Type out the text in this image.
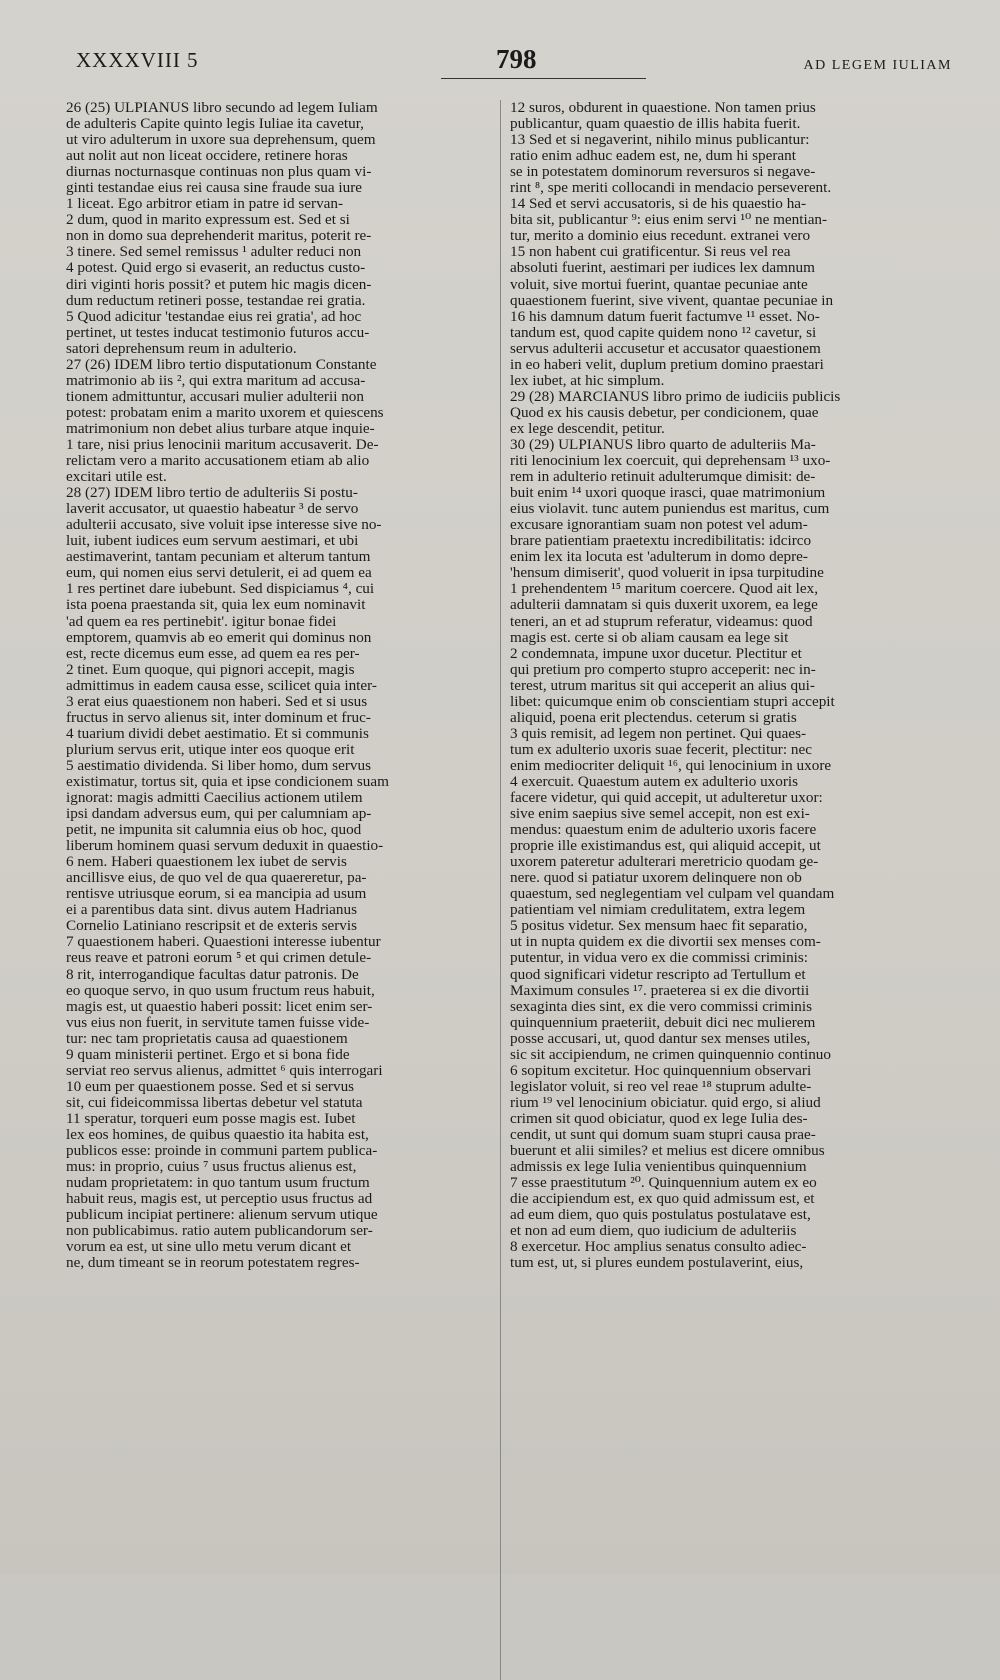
XXXXVIII 5	798	AD LEGEM IULIAM
26 (25) ULPIANUS libro secundo ad legem Iuliam
de adulteris Capite quinto legis Iuliae ita cavetur,
ut viro adulterum in uxore sua deprehensum, quem
aut nolit aut non liceat occidere, retinere horas
diurnas nocturnasque continuas non plus quam vi-
ginti testandae eius rei causa sine fraude sua iure
1 liceat. Ego arbitror etiam in patre id servan-
2 dum, quod in marito expressum est. Sed et si
non in domo sua deprehenderit maritus, poterit re-
3 tinere. Sed semel remissus ¹ adulter reduci non
4 potest. Quid ergo si evaserit, an reductus custo-
diri viginti horis possit? et putem hic magis dicen-
dum reductum retineri posse, testandae rei gratia.
5 Quod adicitur 'testandae eius rei gratia', ad hoc
pertinet, ut testes inducat testimonio futuros accu-
satori deprehensum reum in adulterio.
27 (26) IDEM libro tertio disputationum Constante
matrimonio ab iis ², qui extra maritum ad accusa-
tionem admittuntur, accusari mulier adulterii non
potest: probatam enim a marito uxorem et quiescens
matrimonium non debet alius turbare atque inquie-
1 tare, nisi prius lenocinii maritum accusaverit. De-
relictam vero a marito accusationem etiam ab alio
excitari utile est.
28 (27) IDEM libro tertio de adulteriis Si postu-
laverit accusator, ut quaestio habeatur ³ de servo
adulterii accusato, sive voluit ipse interesse sive no-
luit, iubent iudices eum servum aestimari, et ubi
aestimaverint, tantam pecuniam et alterum tantum
eum, qui nomen eius servi detulerit, ei ad quem ea
1 res pertinet dare iubebunt. Sed dispiciamus ⁴, cui
ista poena praestanda sit, quia lex eum nominavit
'ad quem ea res pertinebit'. igitur bonae fidei
emptorem, quamvis ab eo emerit qui dominus non
est, recte dicemus eum esse, ad quem ea res per-
2 tinet. Eum quoque, qui pignori accepit, magis
admittimus in eadem causa esse, scilicet quia inter-
3 erat eius quaestionem non haberi. Sed et si usus
fructus in servo alienus sit, inter dominum et fruc-
4 tuarium dividi debet aestimatio. Et si communis
plurium servus erit, utique inter eos quoque erit
5 aestimatio dividenda. Si liber homo, dum servus
existimatur, tortus sit, quia et ipse condicionem suam
ignorat: magis admitti Caecilius actionem utilem
ipsi dandam adversus eum, qui per calumniam ap-
petit, ne impunita sit calumnia eius ob hoc, quod
liberum hominem quasi servum deduxit in quaestio-
6 nem. Haberi quaestionem lex iubet de servis
ancillisve eius, de quo vel de qua quaereretur, pa-
rentisve utriusque eorum, si ea mancipia ad usum
ei a parentibus data sint. divus autem Hadrianus
Cornelio Latiniano rescripsit et de exteris servis
7 quaestionem haberi. Quaestioni interesse iubentur
reus reave et patroni eorum ⁵ et qui crimen detule-
8 rit, interrogandique facultas datur patronis. De
eo quoque servo, in quo usum fructum reus habuit,
magis est, ut quaestio haberi possit: licet enim ser-
vus eius non fuerit, in servitute tamen fuisse vide-
tur: nec tam proprietatis causa ad quaestionem
9 quam ministerii pertinet. Ergo et si bona fide
serviat reo servus alienus, admittet ⁶ quis interrogari
10 eum per quaestionem posse. Sed et si servus
sit, cui fideicommissa libertas debetur vel statuta
11 speratur, torqueri eum posse magis est. Iubet
lex eos homines, de quibus quaestio ita habita est,
publicos esse: proinde in communi partem publica-
mus: in proprio, cuius ⁷ usus fructus alienus est,
nudam proprietatem: in quo tantum usum fructum
habuit reus, magis est, ut perceptio usus fructus ad
publicum incipiat pertinere: alienum servum utique
non publicabimus. ratio autem publicandorum ser-
vorum ea est, ut sine ullo metu verum dicant et
ne, dum timeant se in reorum potestatem regres-
12 suros, obdurent in quaestione. Non tamen prius
publicantur, quam quaestio de illis habita fuerit.
13 Sed et si negaverint, nihilo minus publicantur:
ratio enim adhuc eadem est, ne, dum hi sperant
se in potestatem dominorum reversuros si negave-
rint ⁸, spe meriti collocandi in mendacio perseverent.
14 Sed et servi accusatoris, si de his quaestio ha-
bita sit, publicantur ⁹: eius enim servi ¹⁰ ne mentian-
tur, merito a dominio eius recedunt. extranei vero
15 non habent cui gratificentur. Si reus vel rea
absoluti fuerint, aestimari per iudices lex damnum
voluit, sive mortui fuerint, quantae pecuniae ante
quaestionem fuerint, sive vivent, quantae pecuniae in
16 his damnum datum fuerit factumve ¹¹ esset. No-
tandum est, quod capite quidem nono ¹² cavetur, si
servus adulterii accusetur et accusator quaestionem
in eo haberi velit, duplum pretium domino praestari
lex iubet, at hic simplum.
29 (28) MARCIANUS libro primo de iudiciis publicis
Quod ex his causis debetur, per condicionem, quae
ex lege descendit, petitur.
30 (29) ULPIANUS libro quarto de adulteriis Ma-
riti lenocinium lex coercuit, qui deprehensam ¹³ uxo-
rem in adulterio retinuit adulterumque dimisit: de-
buit enim ¹⁴ uxori quoque irasci, quae matrimonium
eius violavit. tunc autem puniendus est maritus, cum
excusare ignorantiam suam non potest vel adum-
brare patientiam praetextu incredibilitatis: idcirco
enim lex ita locuta est 'adulterum in domo depre-
'hensum dimiserit', quod voluerit in ipsa turpitudine
1 prehendentem ¹⁵ maritum coercere. Quod ait lex,
adulterii damnatam si quis duxerit uxorem, ea lege
teneri, an et ad stuprum referatur, videamus: quod
magis est. certe si ob aliam causam ea lege sit
2 condemnata, impune uxor ducetur. Plectitur et
qui pretium pro comperto stupro acceperit: nec in-
terest, utrum maritus sit qui acceperit an alius qui-
libet: quicumque enim ob conscientiam stupri accepit
aliquid, poena erit plectendus. ceterum si gratis
3 quis remisit, ad legem non pertinet. Qui quaes-
tum ex adulterio uxoris suae fecerit, plectitur: nec
enim mediocriter deliquit ¹⁶, qui lenocinium in uxore
4 exercuit. Quaestum autem ex adulterio uxoris
facere videtur, qui quid accepit, ut adulteretur uxor:
sive enim saepius sive semel accepit, non est exi-
mendus: quaestum enim de adulterio uxoris facere
proprie ille existimandus est, qui aliquid accepit, ut
uxorem pateretur adulterari meretricio quodam ge-
nere. quod si patiatur uxorem delinquere non ob
quaestum, sed neglegentiam vel culpam vel quandam
patientiam vel nimiam credulitatem, extra legem
5 positus videtur. Sex mensum haec fit separatio,
ut in nupta quidem ex die divortii sex menses com-
putentur, in vidua vero ex die commissi criminis:
quod significari videtur rescripto ad Tertullum et
Maximum consules ¹⁷. praeterea si ex die divortii
sexaginta dies sint, ex die vero commissi criminis
quinquennium praeteriit, debuit dici nec mulierem
posse accusari, ut, quod dantur sex menses utiles,
sic sit accipiendum, ne crimen quinquennio continuo
6 sopitum excitetur. Hoc quinquennium observari
legislator voluit, si reo vel reae ¹⁸ stuprum adulte-
rium ¹⁹ vel lenocinium obiciatur. quid ergo, si aliud
crimen sit quod obiciatur, quod ex lege Iulia des-
cendit, ut sunt qui domum suam stupri causa prae-
buerunt et alii similes? et melius est dicere omnibus
admissis ex lege Iulia venientibus quinquennium
7 esse praestitutum ²⁰. Quinquennium autem ex eo
die accipiendum est, ex quo quid admissum est, et
ad eum diem, quo quis postulatus postulatave est,
et non ad eum diem, quo iudicium de adulteriis
8 exercetur. Hoc amplius senatus consulto adiec-
tum est, ut, si plures eundem postulaverint, eius,
